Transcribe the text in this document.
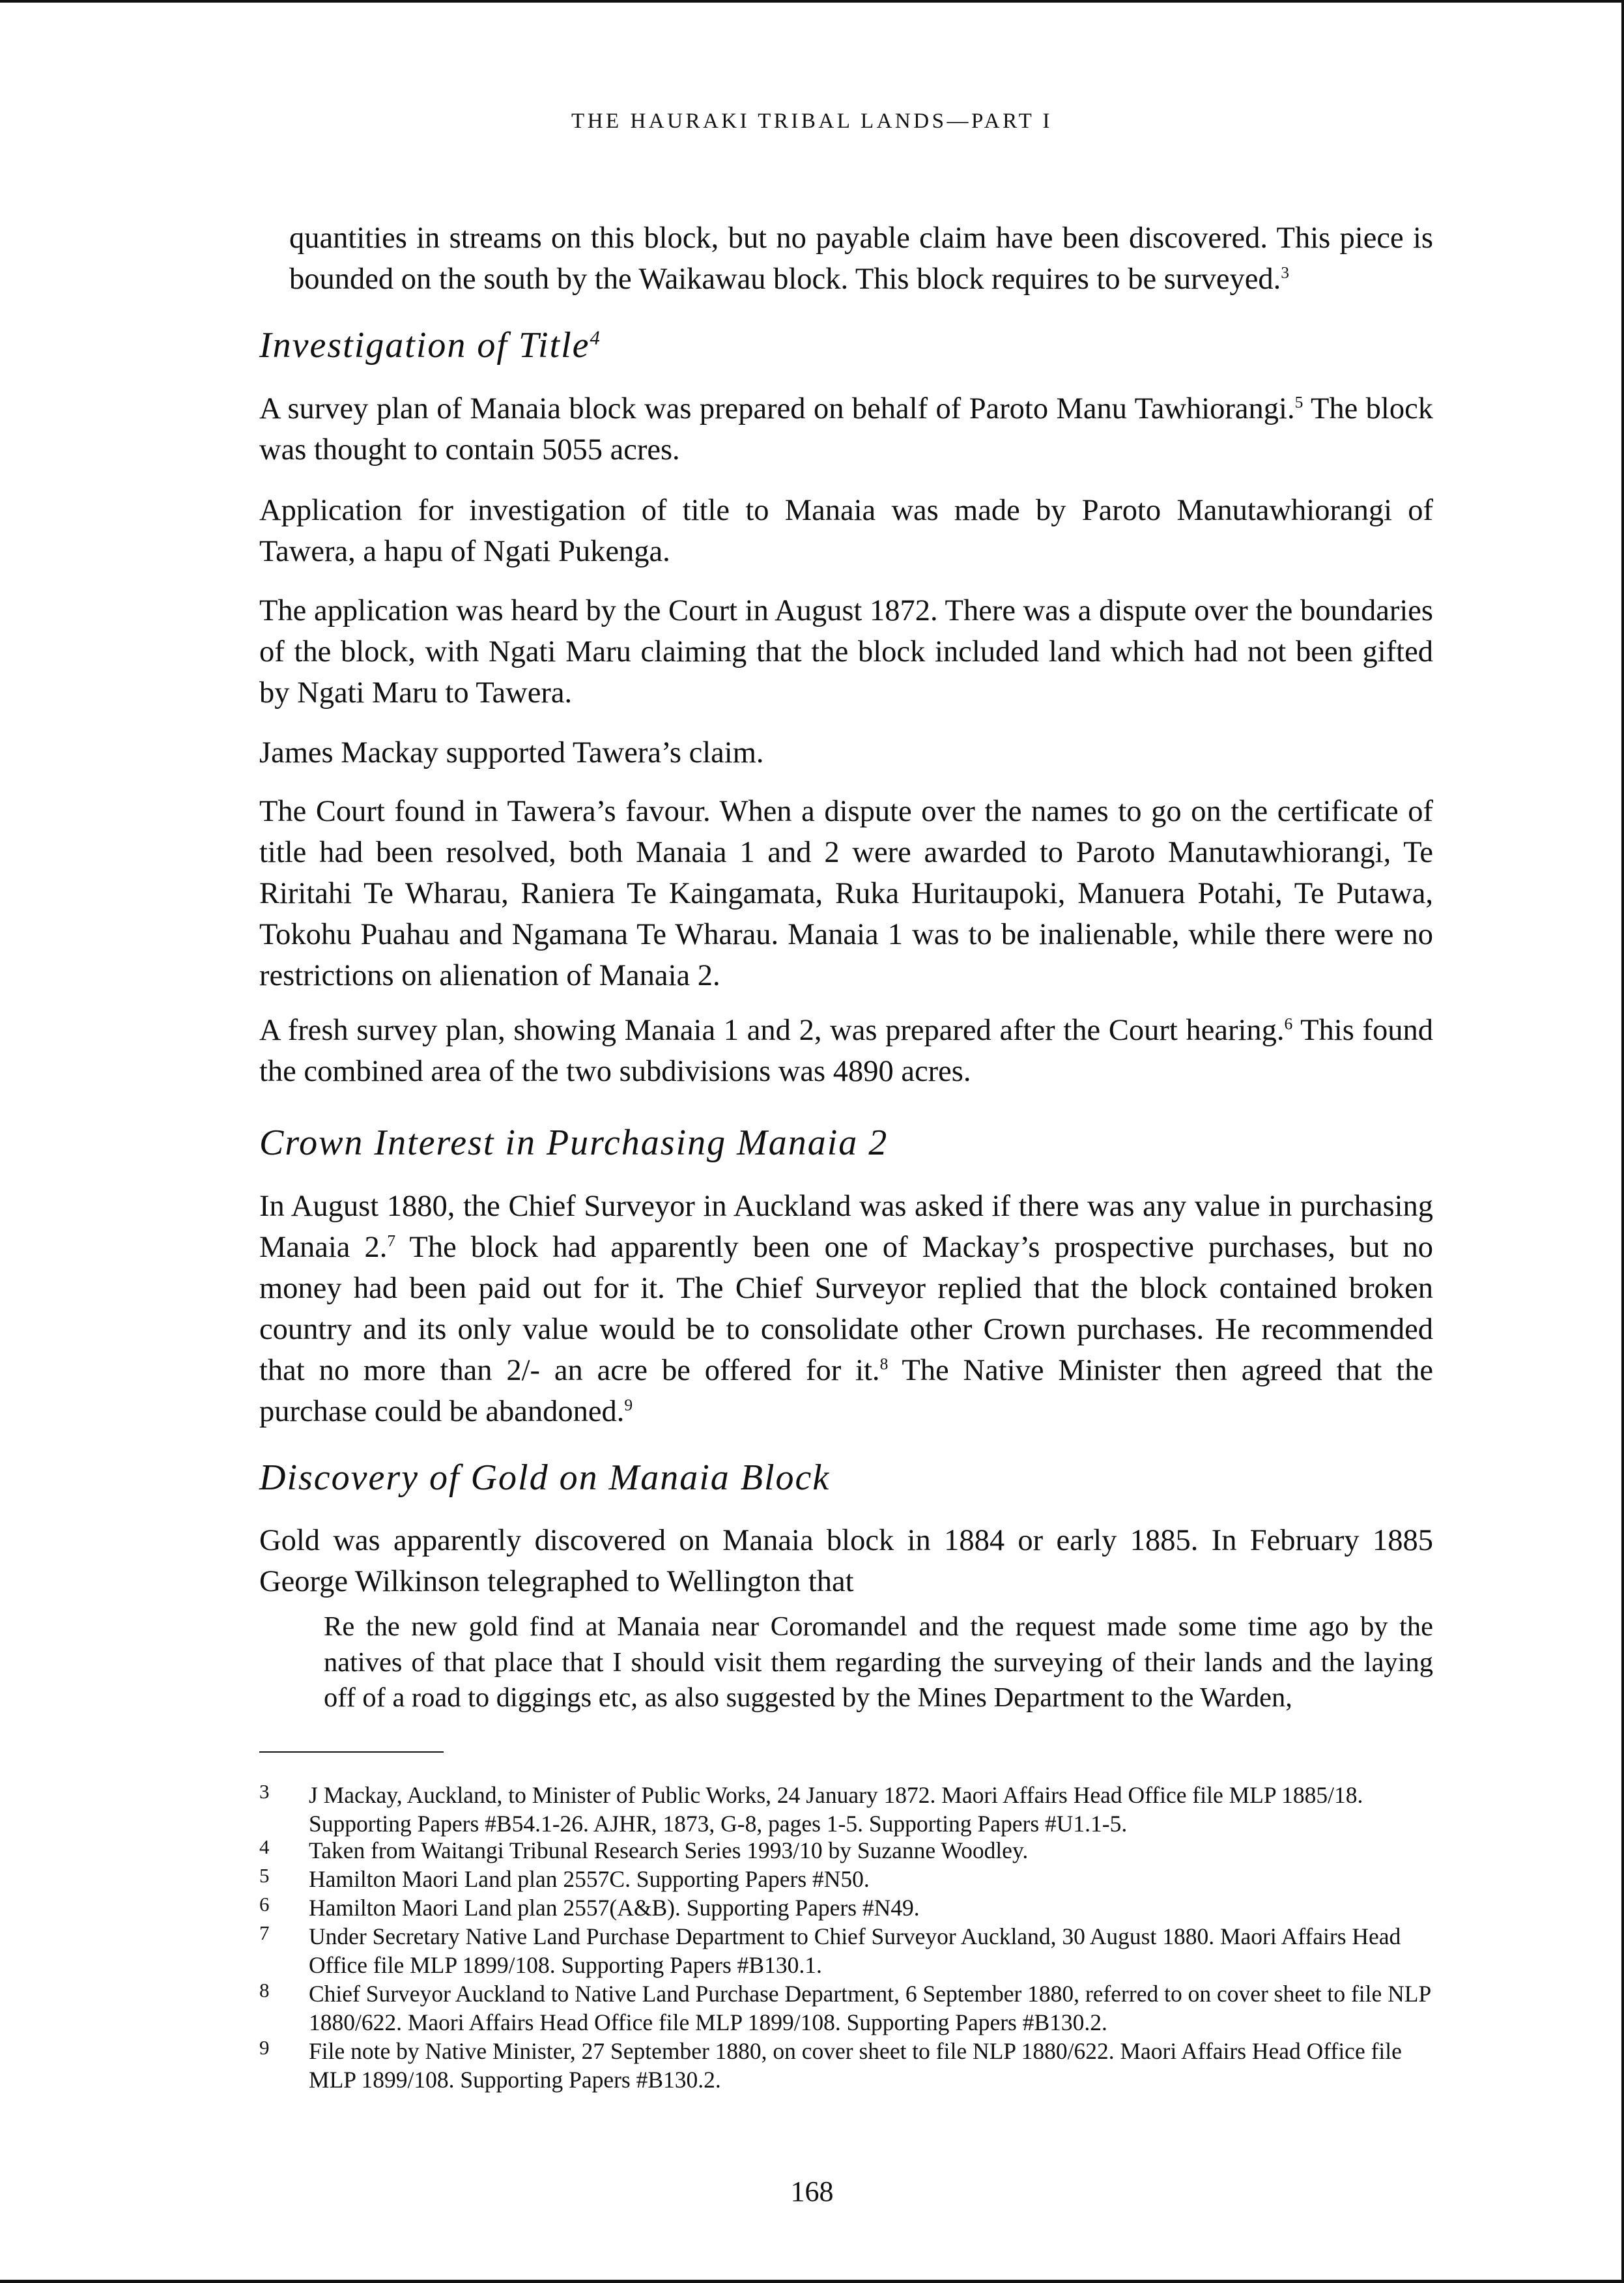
THE HAURAKI TRIBAL LANDS—PART I

quantities in streams on this block, but no payable claim have been discovered. This piece is bounded on the south by the Waikawau block. This block requires to be surveyed.$^3$

Investigation of Title$^4$

A survey plan of Manaia block was prepared on behalf of Paroto Manu Tawhiorangi.$^5$ The block was thought to contain 5055 acres.

Application for investigation of title to Manaia was made by Paroto Manutawhiorangi of Tawera, a hapu of Ngati Pukenga.

The application was heard by the Court in August 1872. There was a dispute over the boundaries of the block, with Ngati Maru claiming that the block included land which had not been gifted by Ngati Maru to Tawera.

James Mackay supported Tawera’s claim.

The Court found in Tawera’s favour. When a dispute over the names to go on the certificate of title had been resolved, both Manaia 1 and 2 were awarded to Paroto Manutawhiorangi, Te Riritahi Te Wharau, Raniera Te Kaingamata, Ruka Huritaupoki, Manuera Potahi, Te Putawa, Tokohu Puahau and Ngamana Te Wharau. Manaia 1 was to be inalienable, while there were no restrictions on alienation of Manaia 2.

A fresh survey plan, showing Manaia 1 and 2, was prepared after the Court hearing.$^6$ This found the combined area of the two subdivisions was 4890 acres.

Crown Interest in Purchasing Manaia 2

In August 1880, the Chief Surveyor in Auckland was asked if there was any value in purchasing Manaia 2.$^7$ The block had apparently been one of Mackay’s prospective purchases, but no money had been paid out for it. The Chief Surveyor replied that the block contained broken country and its only value would be to consolidate other Crown purchases. He recommended that no more than 2/- an acre be offered for it.$^8$ The Native Minister then agreed that the purchase could be abandoned.$^9$

Discovery of Gold on Manaia Block

Gold was apparently discovered on Manaia block in 1884 or early 1885. In February 1885 George Wilkinson telegraphed to Wellington that

Re the new gold find at Manaia near Coromandel and the request made some time ago by the natives of that place that I should visit them regarding the surveying of their lands and the laying off of a road to diggings etc, as also suggested by the Mines Department to the Warden,

3 J Mackay, Auckland, to Minister of Public Works, 24 January 1872. Maori Affairs Head Office file MLP 1885/18. Supporting Papers #B54.1-26. AJHR, 1873, G-8, pages 1-5. Supporting Papers #U1.1-5.

4 Taken from Waitangi Tribunal Research Series 1993/10 by Suzanne Woodley.

5 Hamilton Maori Land plan 2557C. Supporting Papers #N50.

6 Hamilton Maori Land plan 2557(A&B). Supporting Papers #N49.

7 Under Secretary Native Land Purchase Department to Chief Surveyor Auckland, 30 August 1880. Maori Affairs Head Office file MLP 1899/108. Supporting Papers #B130.1.

8 Chief Surveyor Auckland to Native Land Purchase Department, 6 September 1880, referred to on cover sheet to file NLP 1880/622. Maori Affairs Head Office file MLP 1899/108. Supporting Papers #B130.2.

9 File note by Native Minister, 27 September 1880, on cover sheet to file NLP 1880/622. Maori Affairs Head Office file MLP 1899/108. Supporting Papers #B130.2.

168
